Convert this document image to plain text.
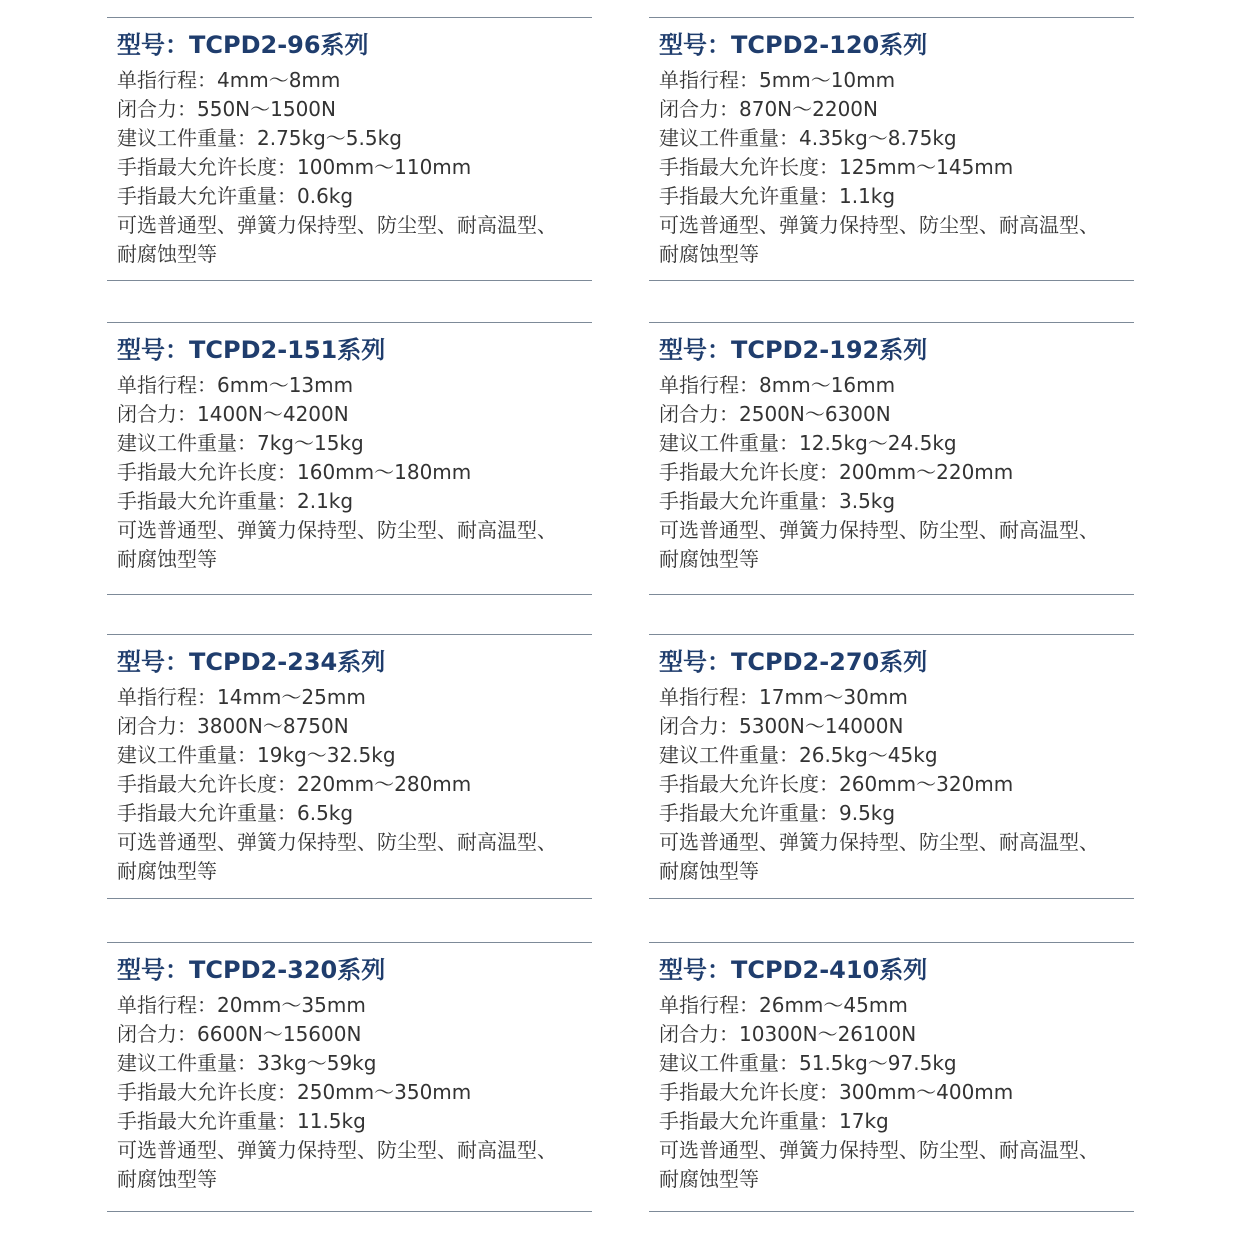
型号：TCPD2-96系列
单指行程：4mm～8mm
闭合力：550N～1500N
建议工件重量：2.75kg～5.5kg
手指最大允许长度：100mm～110mm
手指最大允许重量：0.6kg
可选普通型、弹簧力保持型、防尘型、耐高温型、
耐腐蚀型等
型号：TCPD2-120系列
单指行程：5mm～10mm
闭合力：870N～2200N
建议工件重量：4.35kg～8.75kg
手指最大允许长度：125mm～145mm
手指最大允许重量：1.1kg
可选普通型、弹簧力保持型、防尘型、耐高温型、
耐腐蚀型等
型号：TCPD2-151系列
单指行程：6mm～13mm
闭合力：1400N～4200N
建议工件重量：7kg～15kg
手指最大允许长度：160mm～180mm
手指最大允许重量：2.1kg
可选普通型、弹簧力保持型、防尘型、耐高温型、
耐腐蚀型等
型号：TCPD2-192系列
单指行程：8mm～16mm
闭合力：2500N～6300N
建议工件重量：12.5kg～24.5kg
手指最大允许长度：200mm～220mm
手指最大允许重量：3.5kg
可选普通型、弹簧力保持型、防尘型、耐高温型、
耐腐蚀型等
型号：TCPD2-234系列
单指行程：14mm～25mm
闭合力：3800N～8750N
建议工件重量：19kg～32.5kg
手指最大允许长度：220mm～280mm
手指最大允许重量：6.5kg
可选普通型、弹簧力保持型、防尘型、耐高温型、
耐腐蚀型等
型号：TCPD2-270系列
单指行程：17mm～30mm
闭合力：5300N～14000N
建议工件重量：26.5kg～45kg
手指最大允许长度：260mm～320mm
手指最大允许重量：9.5kg
可选普通型、弹簧力保持型、防尘型、耐高温型、
耐腐蚀型等
型号：TCPD2-320系列
单指行程：20mm～35mm
闭合力：6600N～15600N
建议工件重量：33kg～59kg
手指最大允许长度：250mm～350mm
手指最大允许重量：11.5kg
可选普通型、弹簧力保持型、防尘型、耐高温型、
耐腐蚀型等
型号：TCPD2-410系列
单指行程：26mm～45mm
闭合力：10300N～26100N
建议工件重量：51.5kg～97.5kg
手指最大允许长度：300mm～400mm
手指最大允许重量：17kg
可选普通型、弹簧力保持型、防尘型、耐高温型、
耐腐蚀型等
